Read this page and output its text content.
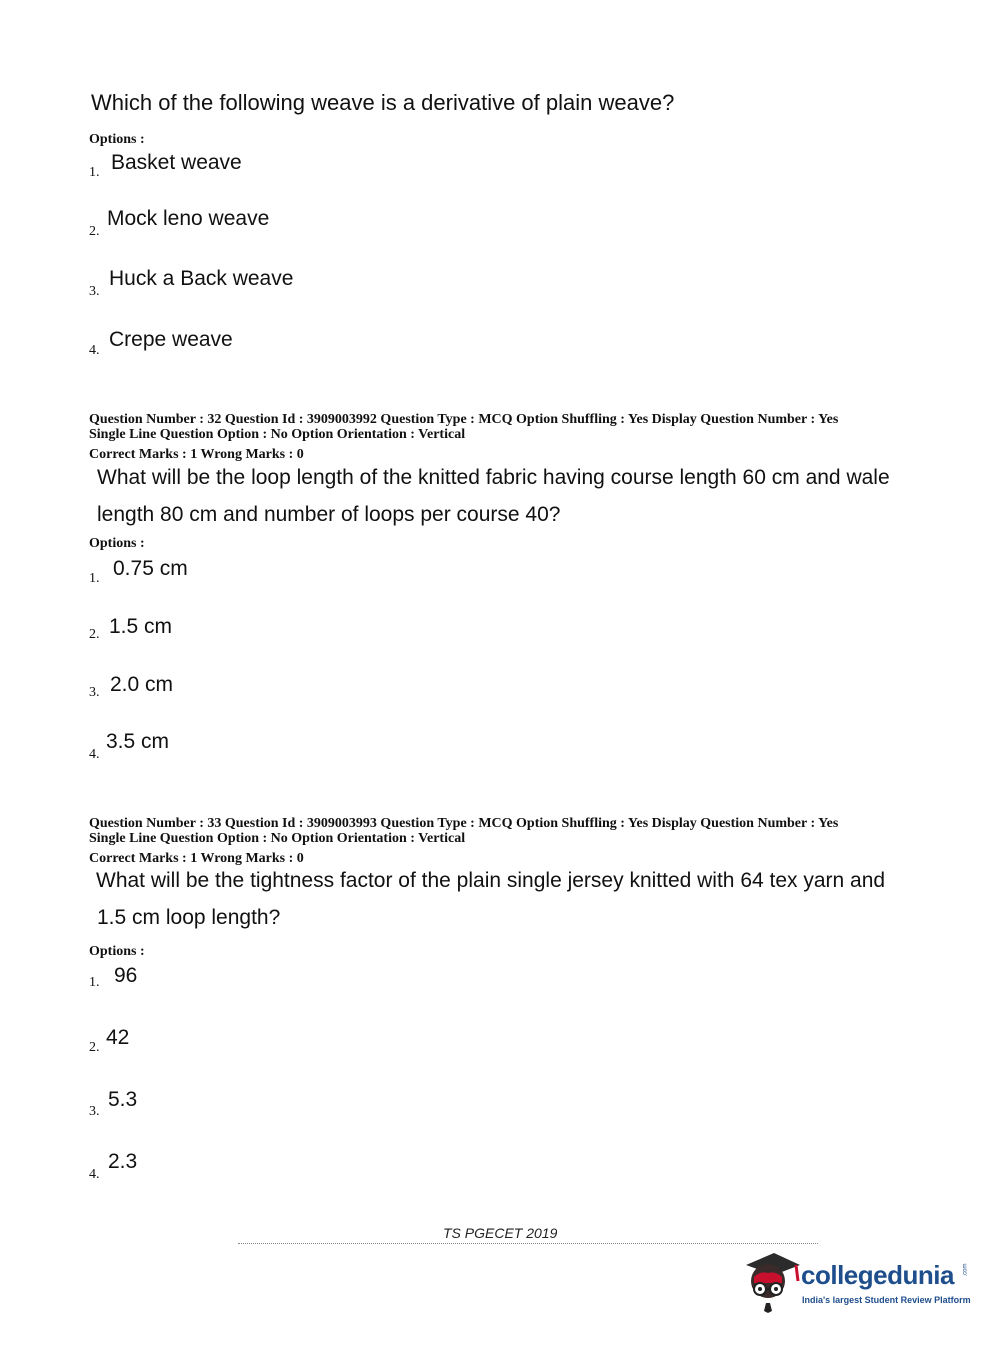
Which of the following weave is a derivative of plain weave?
Options :
1. Basket weave
2.
Mock leno weave
3.
Huck a Back weave
4. Crepe weave
Question Number : 32 Question Id : 3909003992 Question Type : MCQ Option Shuffling : Yes Display Question Number : Yes
Single Line Question Option : No Option Orientation : Vertical
Correct Marks : 1 Wrong Marks : 0
What will be the loop length of the knitted fabric having course length 60 cm and wale
length 80 cm and number of loops per course 40?
Options :
1. 0.75 cm
2. 1.5 cm
3. 2.0 cm
4.
3.5 cm
Question Number : 33 Question Id : 3909003993 Question Type : MCQ Option Shuffling : Yes Display Question Number : Yes
Single Line Question Option : No Option Orientation : Vertical
Correct Marks : 1 Wrong Marks : 0
What will be the tightness factor of the plain single jersey knitted with 64 tex yarn and
1.5 cm loop length?
Options :
1. 96
2. 42
3.
5.3
4.
2.3
TS PGECET 2019
collegedunia .com
India's largest Student Review Platform
